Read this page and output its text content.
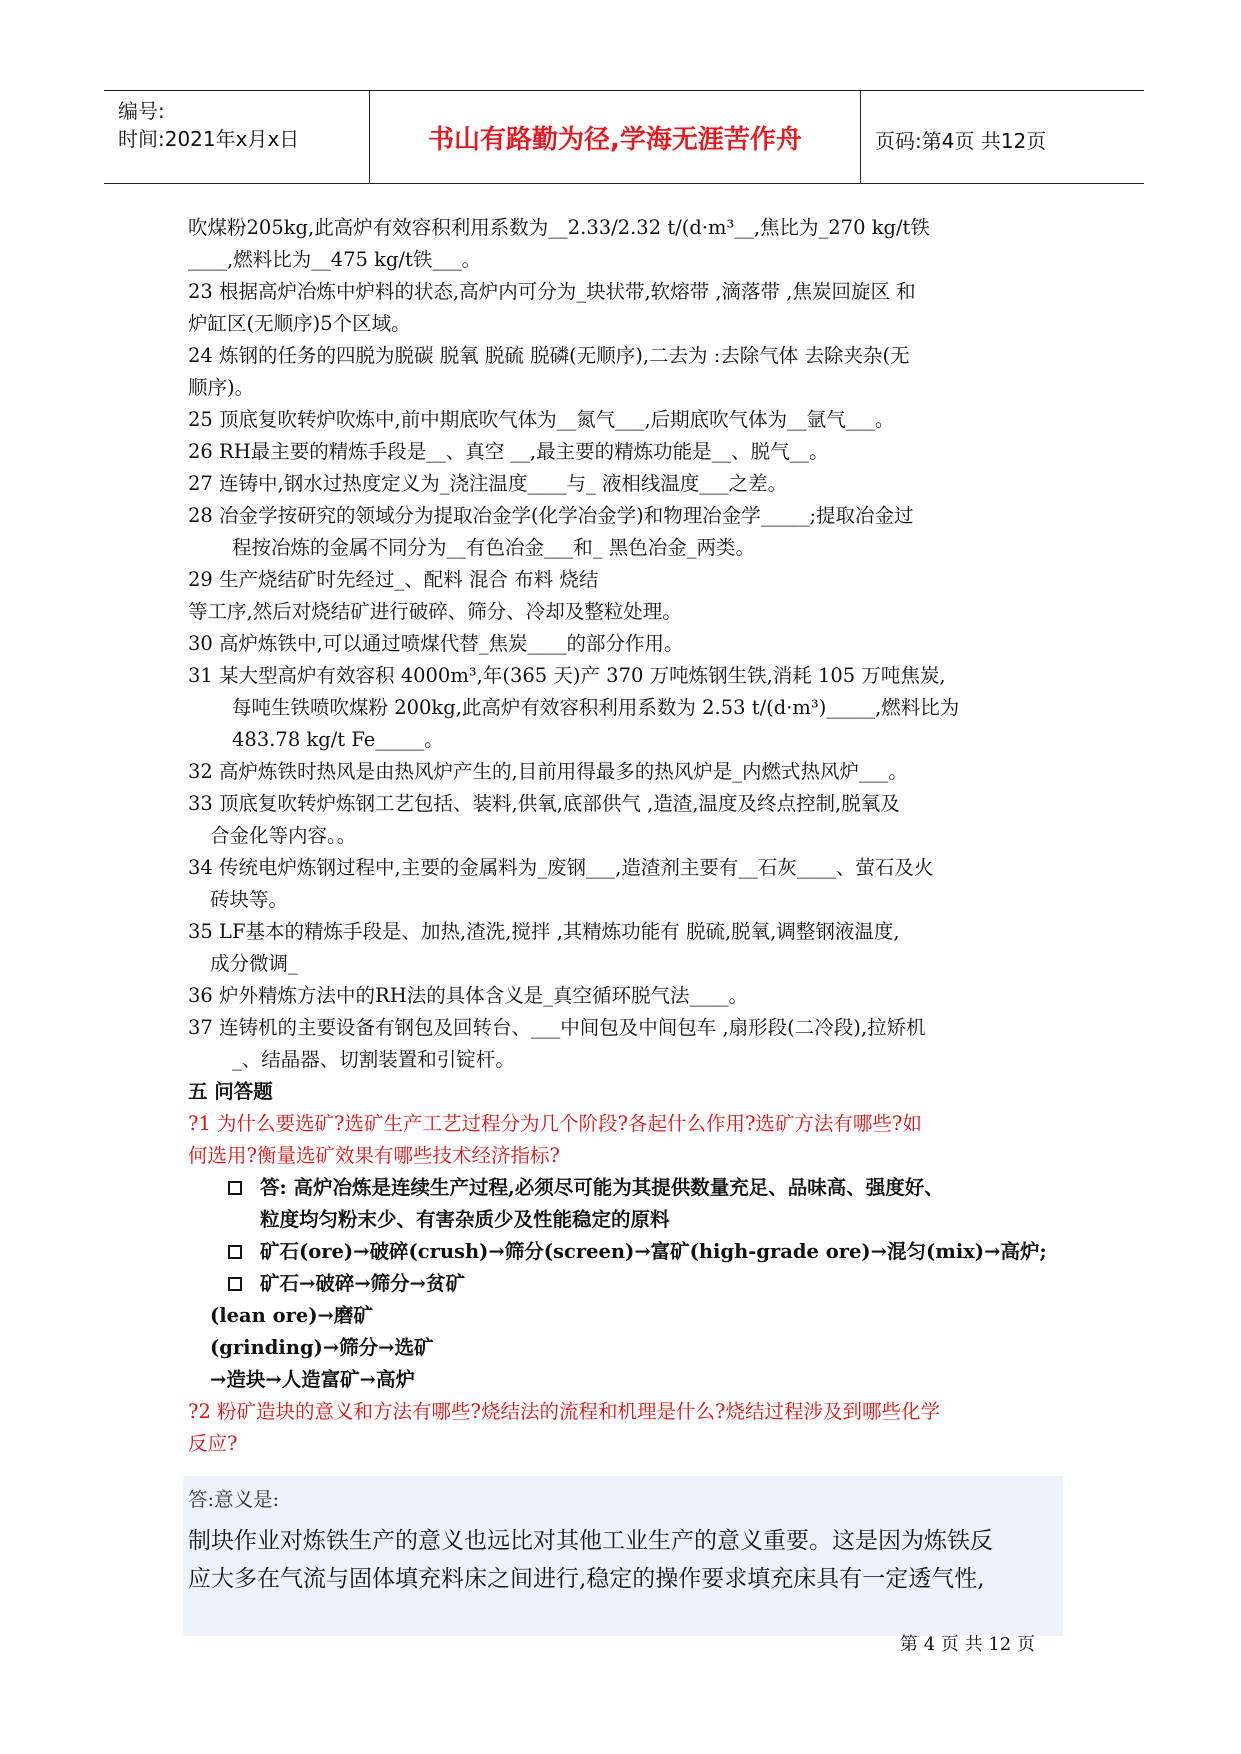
编号:
时间:2021年x月x日	书山有路勤为径,学海无涯苦作舟	页码:第4页 共12页
吹煤粉205kg,此高炉有效容积利用系数为__2.33/2.32 t/(d·m³__,焦比为_270 kg/t铁
____,燃料比为__475 kg/t铁___。
23 根据高炉冶炼中炉料的状态,高炉内可分为_块状带,软熔带 ,滴落带 ,焦炭回旋区 和
炉缸区(无顺序)5个区域。
24 炼钢的任务的四脱为脱碳 脱氧 脱硫 脱磷(无顺序),二去为 :去除气体 去除夹杂(无
顺序)。
25 顶底复吹转炉吹炼中,前中期底吹气体为__氮气___,后期底吹气体为__氩气___。
26 RH最主要的精炼手段是__、真空 __,最主要的精炼功能是__、脱气__。
27 连铸中,钢水过热度定义为_浇注温度____与_ 液相线温度___之差。
28 冶金学按研究的领域分为提取冶金学(化学冶金学)和物理冶金学_____;提取冶金过
程按冶炼的金属不同分为__有色冶金___和_ 黑色冶金_两类。
29 生产烧结矿时先经过_、配料 混合 布料 烧结
等工序,然后对烧结矿进行破碎、筛分、冷却及整粒处理。
30 高炉炼铁中,可以通过喷煤代替_焦炭____的部分作用。
31 某大型高炉有效容积 4000m³,年(365 天)产 370 万吨炼钢生铁,消耗 105 万吨焦炭,
每吨生铁喷吹煤粉 200kg,此高炉有效容积利用系数为 2.53 t/(d·m³)_____,燃料比为
483.78 kg/t Fe_____。
32 高炉炼铁时热风是由热风炉产生的,目前用得最多的热风炉是_内燃式热风炉___。
33 顶底复吹转炉炼钢工艺包括、装料,供氧,底部供气 ,造渣,温度及终点控制,脱氧及
合金化等内容。。
34 传统电炉炼钢过程中,主要的金属料为_废钢___,造渣剂主要有__石灰____、萤石及火
砖块等。
35 LF基本的精炼手段是、加热,渣洗,搅拌 ,其精炼功能有 脱硫,脱氧,调整钢液温度,
成分微调_
36 炉外精炼方法中的RH法的具体含义是_真空循环脱气法____。
37 连铸机的主要设备有钢包及回转台、___中间包及中间包车 ,扇形段(二冷段),拉矫机
_、结晶器、切割装置和引锭杆。
五 问答题
?1 为什么要选矿?选矿生产工艺过程分为几个阶段?各起什么作用?选矿方法有哪些?如
何选用?衡量选矿效果有哪些技术经济指标?
答: 高炉冶炼是连续生产过程,必须尽可能为其提供数量充足、品味高、强度好、
粒度均匀粉末少、有害杂质少及性能稳定的原料
矿石(ore)→破碎(crush)→筛分(screen)→富矿(high-grade ore)→混匀(mix)→高炉;
矿石→破碎→筛分→贫矿
(lean ore)→磨矿
(grinding)→筛分→选矿
→造块→人造富矿→高炉
?2 粉矿造块的意义和方法有哪些?烧结法的流程和机理是什么?烧结过程涉及到哪些化学
反应?
答:意义是:
制块作业对炼铁生产的意义也远比对其他工业生产的意义重要。这是因为炼铁反
应大多在气流与固体填充料床之间进行,稳定的操作要求填充床具有一定透气性,
第 4 页 共 12 页
